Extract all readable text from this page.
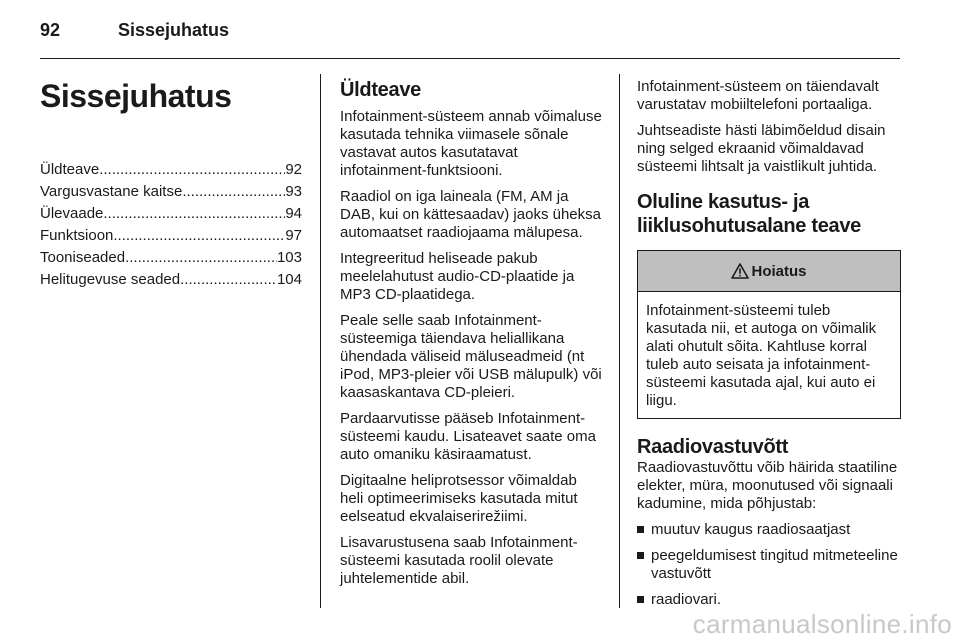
92	Sissejuhatus
Sissejuhatus
Üldteave .....	92
Vargusvastane kaitse .....	93
Ülevaade .....	94
Funktsioon .....	97
Tooniseaded .....	103
Helitugevuse seaded .....	104
Üldteave

Infotainment-süsteem annab võimaluse kasutada tehnika viimasele sõnale vastavat autos kasutatavat infotainment-funktsiooni.

Raadiol on iga laineala (FM, AM ja DAB, kui on kättesaadav) jaoks üheksa automaatset raadiojaama mälupesa.

Integreeritud heliseade pakub meelelahutust audio-CD-plaatide ja MP3 CD-plaatidega.

Peale selle saab Infotainment-süsteemiga täiendava heliallikana ühendada väliseid mäluseadmeid (nt iPod, MP3-pleier või USB mälupulk) või kaasaskantava CD-pleieri.

Pardaarvutisse pääseb Infotainment-süsteemi kaudu. Lisateavet saate oma auto omaniku käsiraamatust.

Digitaalne heliprotsessor võimaldab heli optimeerimiseks kasutada mitut eelseatud ekvalaiserirežiimi.

Lisavarustusena saab Infotainment-süsteemi kasutada roolil olevate juhtelementide abil.

Infotainment-süsteem on täiendavalt varustatav mobiiltelefoni portaaliga.

Juhtseadiste hästi läbimõeldud disain ning selged ekraanid võimaldavad süsteemi lihtsalt ja vaistlikult juhtida.

Oluline kasutus- ja liiklusohutusalane teave
Hoiatus
Infotainment-süsteemi tuleb kasutada nii, et autoga on võimalik alati ohutult sõita. Kahtluse korral tuleb auto seisata ja infotainment-süsteemi kasutada ajal, kui auto ei liigu.
Raadiovastuvõtt

Raadiovastuvõttu võib häirida staatiline elekter, müra, moonutused või signaali kadumine, mida põhjustab:

muutuv kaugus raadiosaatjast
peegeldumisest tingitud mitmeteeline vastuvõtt
raadiovari.
carmanualsonline.info
